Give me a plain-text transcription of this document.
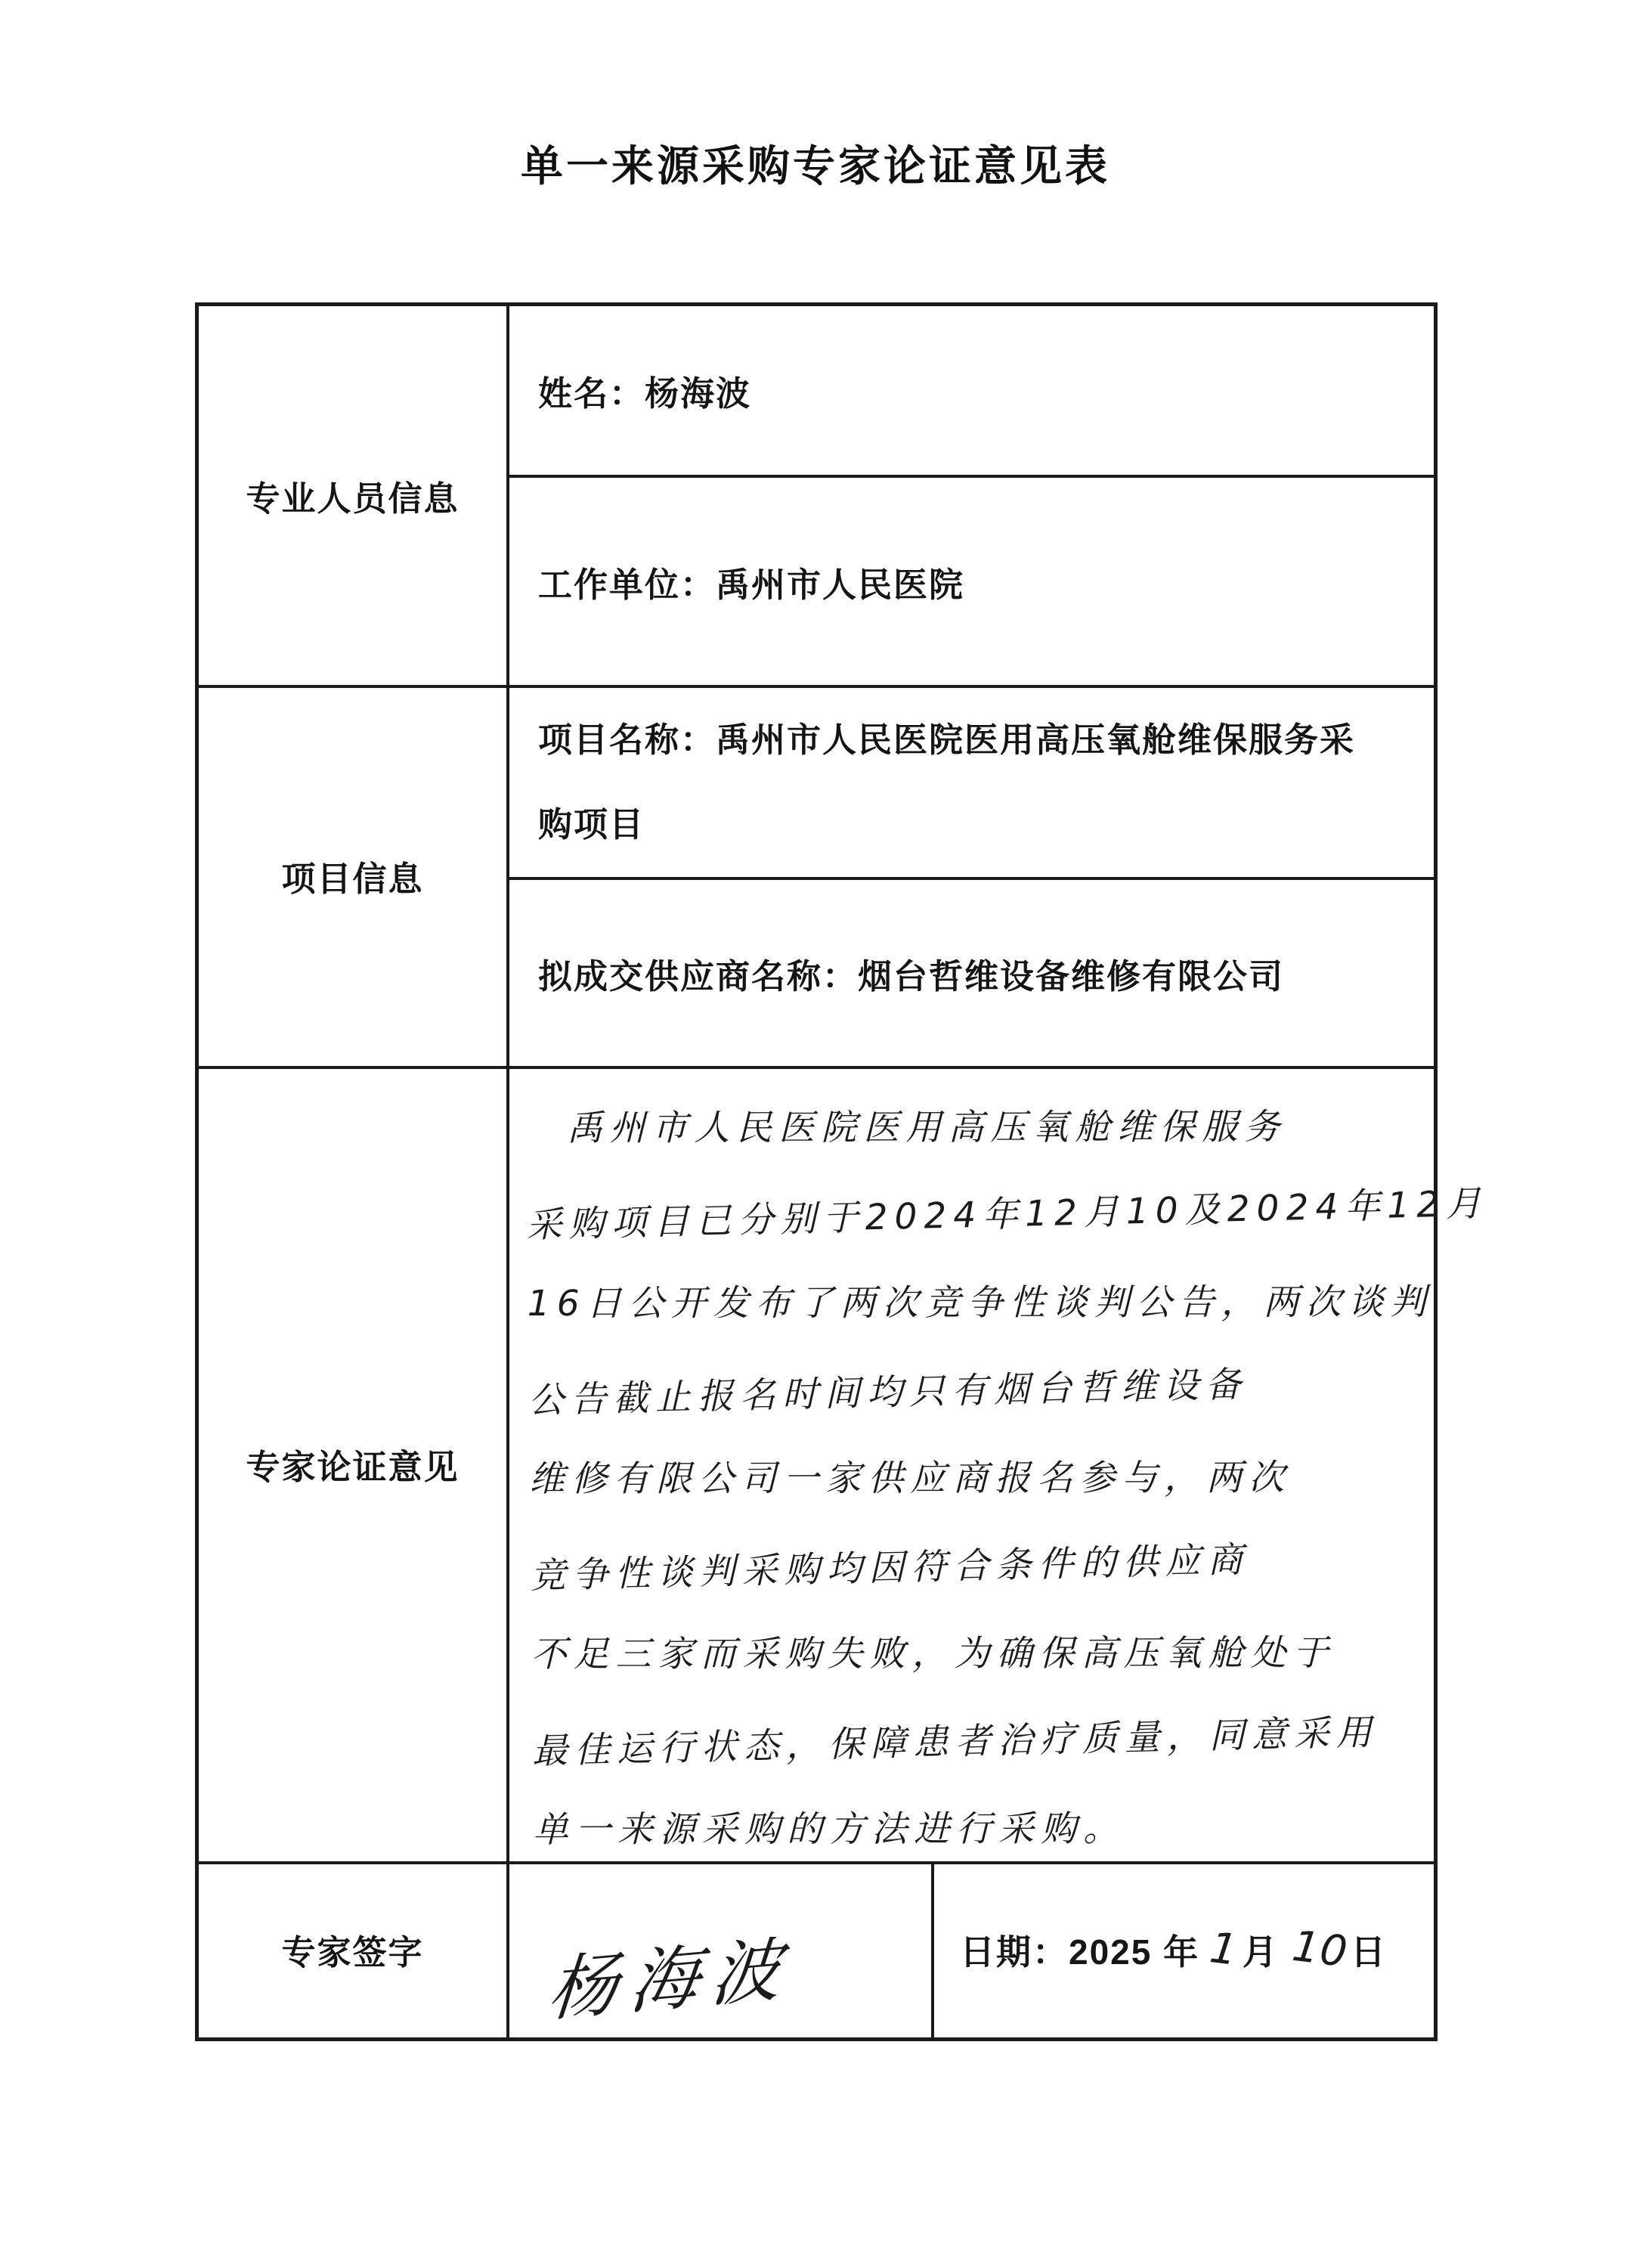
单一来源采购专家论证意见表
专业人员信息
项目信息
专家论证意见
专家签字
姓名：杨海波
工作单位：禹州市人民医院
项目名称：禹州市人民医院医用高压氧舱维保服务采
购项目
拟成交供应商名称：烟台哲维设备维修有限公司
禹州市人民医院医用高压氧舱维保服务
采购项目已分别于2024年12月10及2024年12月
16日公开发布了两次竞争性谈判公告，两次谈判
公告截止报名时间均只有烟台哲维设备
维修有限公司一家供应商报名参与，两次
竞争性谈判采购均因符合条件的供应商
不足三家而采购失败，为确保高压氧舱处于
最佳运行状态，保障患者治疗质量，同意采用
单一来源采购的方法进行采购。
杨海波	日期：2025 年 1 月 10 日
